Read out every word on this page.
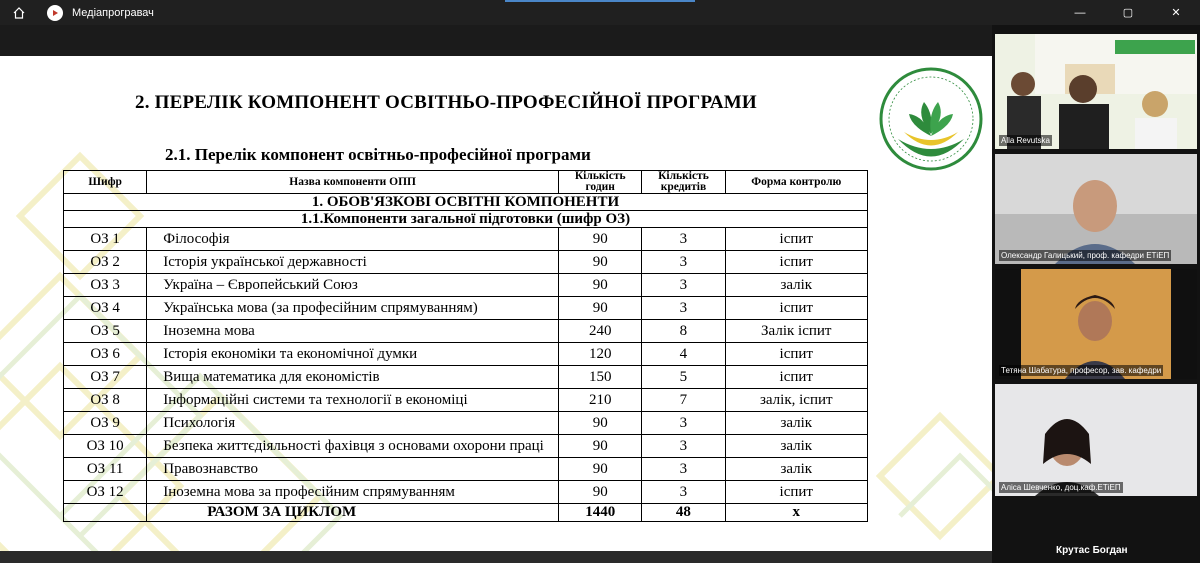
Медіапрогравач	—	▢	✕
2. ПЕРЕЛІК КОМПОНЕНТ ОСВІТНЬО-ПРОФЕСІЙНОЇ ПРОГРАМИ
2.1. Перелік компонент освітньо-професійної програми
Шифр	Назва компоненти ОПП	Кількість годин	Кількість кредитів	Форма контролю
1. ОБОВ'ЯЗКОВІ ОСВІТНІ КОМПОНЕНТИ				
1.1.Компоненти загальної підготовки (шифр ОЗ)				
ОЗ 1	Філософія	90	3	іспит
ОЗ 2	Історія української державності	90	3	іспит
ОЗ 3	Україна – Європейський Союз	90	3	залік
ОЗ 4	Українська мова (за професійним спрямуванням)	90	3	іспит
ОЗ 5	Іноземна мова	240	8	Залік іспит
ОЗ 6	Історія економіки та економічної думки	120	4	іспит
ОЗ 7	Вища математика для економістів	150	5	іспит
ОЗ 8	Інформаційні системи та технології в економіці	210	7	залік, іспит
ОЗ 9	Психологія	90	3	залік
ОЗ 10	Безпека життєдіяльності фахівця з основами охорони праці	90	3	залік
ОЗ 11	Правознавство	90	3	залік
ОЗ 12	Іноземна мова за професійним спрямуванням	90	3	іспит
	РАЗОМ ЗА ЦИКЛОМ	1440	48	x
Alla Revutska
Олександр Галицький, проф. кафедри ЕТіЕП
Тетяна Шабатура, професор, зав. кафедри
Аліса Шевченко, доц.каф.ЕТіЕП
Крутас Богдан
